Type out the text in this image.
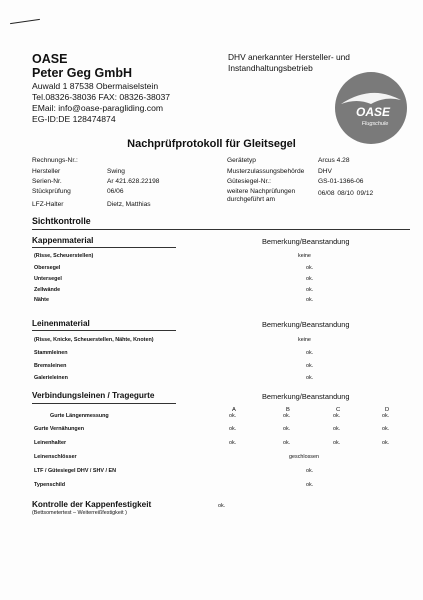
OASE
Peter Geg GmbH
Auwald 1 87538 Obermaiselstein
Tel.08326-38036 FAX: 08326-38037
EMail: info@oase-paragliding.com
EG-ID:DE 128474874
DHV anerkannter Hersteller- und
Instandhaltungsbetrieb
OASE
Flugschule
Nachprüfprotokoll für Gleitsegel
Rechnungs-Nr.:
Hersteller	Swing
Serien-Nr.	Ar 421.628.22198
Stückprüfung	06/06
LFZ-Halter	Dietz, Matthias
Gerätetyp	Arcus 4.28
Musterzulassungsbehörde DHV
Gütesiegel-Nr.:	GS-01-1366-06
weitere Nachprüfungen
durchgeführt am
06/08 08/10 09/12
Sichtkontrolle
Kappenmaterial	Bemerkung/Beanstandung
(Risse, Scheuerstellen)	keine
Obersegel	ok.
Untersegel	ok.
Zellwände	ok.
Nähte	ok.
Leinenmaterial	Bemerkung/Beanstandung
(Risse, Knicke, Scheuerstellen, Nähte, Knoten)	keine
Stammleinen	ok.
Bremsleinen	ok.
Galerieleinen	ok.
Verbindungsleinen / Tragegurte	Bemerkung/Beanstandung
A	B	C	D
Gurte Längenmessung	ok.	ok.	ok.	ok.
Gurte Vernähungen	ok.	ok.	ok.	ok.
Leinenhalter	ok.	ok.	ok.	ok.
Leinenschlösser	geschlossen
LTF / Gütesiegel DHV / SHV / EN	ok.
Typenschild	ok.
Kontrolle der Kappenfestigkeit	ok.
(Bettsometertest – Weiterreißfestigkeit )
